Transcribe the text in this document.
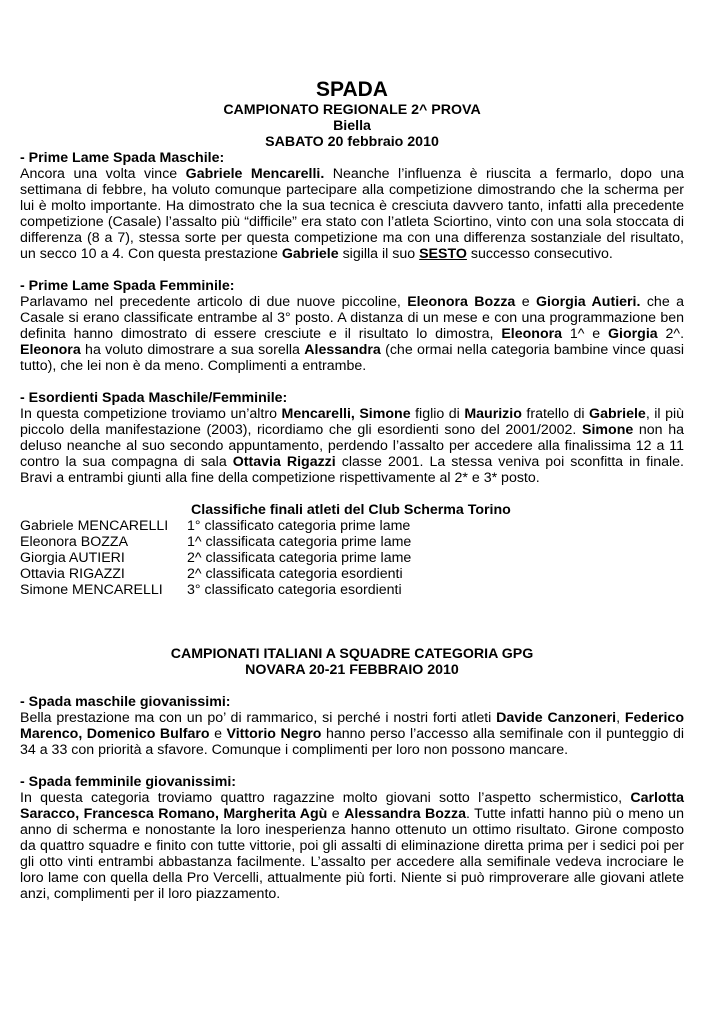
SPADA

CAMPIONATO REGIONALE 2^ PROVA

Biella

SABATO 20 febbraio 2010

- Prime Lame Spada Maschile:

Ancora una volta vince Gabriele Mencarelli. Neanche l’influenza è riuscita a fermarlo, dopo una settimana di febbre, ha voluto comunque partecipare alla competizione dimostrando che la scherma per lui è molto importante. Ha dimostrato che la sua tecnica è cresciuta davvero tanto, infatti alla precedente competizione (Casale) l’assalto più “difficile” era stato con l’atleta Sciortino, vinto con una sola stoccata di differenza (8 a 7), stessa sorte per questa competizione ma con una differenza sostanziale del risultato, un secco 10 a 4. Con questa prestazione Gabriele sigilla il suo SESTO successo consecutivo.

- Prime Lame Spada Femminile:

Parlavamo nel precedente articolo di due nuove piccoline, Eleonora Bozza e Giorgia Autieri. che a Casale si erano classificate entrambe al 3° posto. A distanza di un mese e con una programmazione ben definita hanno dimostrato di essere cresciute e il risultato lo dimostra, Eleonora 1^ e Giorgia 2^. Eleonora ha voluto dimostrare a sua sorella Alessandra (che ormai nella categoria bambine vince quasi tutto), che lei non è da meno. Complimenti a entrambe.

- Esordienti Spada Maschile/Femminile:

In questa competizione troviamo un’altro Mencarelli, Simone figlio di Maurizio fratello di Gabriele, il più piccolo della manifestazione (2003), ricordiamo che gli esordienti sono del 2001/2002. Simone non ha deluso neanche al suo secondo appuntamento, perdendo l’assalto per accedere alla finalissima 12 a 11 contro la sua compagna di sala Ottavia Rigazzi classe 2001. La stessa veniva poi sconfitta in finale. Bravi a entrambi giunti alla fine della competizione rispettivamente al 2* e 3* posto.

Classifiche finali atleti del Club Scherma Torino

Gabriele MENCARELLI	1° classificato categoria prime lame
Eleonora BOZZA	1^ classificata categoria prime lame
Giorgia AUTIERI	2^ classificata categoria prime lame
Ottavia RIGAZZI	2^ classificata categoria esordienti
Simone MENCARELLI	3° classificato categoria esordienti

CAMPIONATI ITALIANI A SQUADRE CATEGORIA GPG

NOVARA 20-21 FEBBRAIO 2010

- Spada maschile giovanissimi:

Bella prestazione ma con un po’ di rammarico, si perché i nostri forti atleti Davide Canzoneri, Federico Marenco, Domenico Bulfaro e Vittorio Negro hanno perso l’accesso alla semifinale con il punteggio di 34 a 33 con priorità a sfavore. Comunque i complimenti per loro non possono mancare.

- Spada femminile giovanissimi:

In questa categoria troviamo quattro ragazzine molto giovani sotto l’aspetto schermistico, Carlotta Saracco, Francesca Romano, Margherita Agù e Alessandra Bozza. Tutte infatti hanno più o meno un anno di scherma e nonostante la loro inesperienza hanno ottenuto un ottimo risultato. Girone composto da quattro squadre e finito con tutte vittorie, poi gli assalti di eliminazione diretta prima per i sedici poi per gli otto vinti entrambi abbastanza facilmente. L’assalto per accedere alla semifinale vedeva incrociare le loro lame con quella della Pro Vercelli, attualmente più forti. Niente si può rimproverare alle giovani atlete anzi, complimenti per il loro piazzamento.
